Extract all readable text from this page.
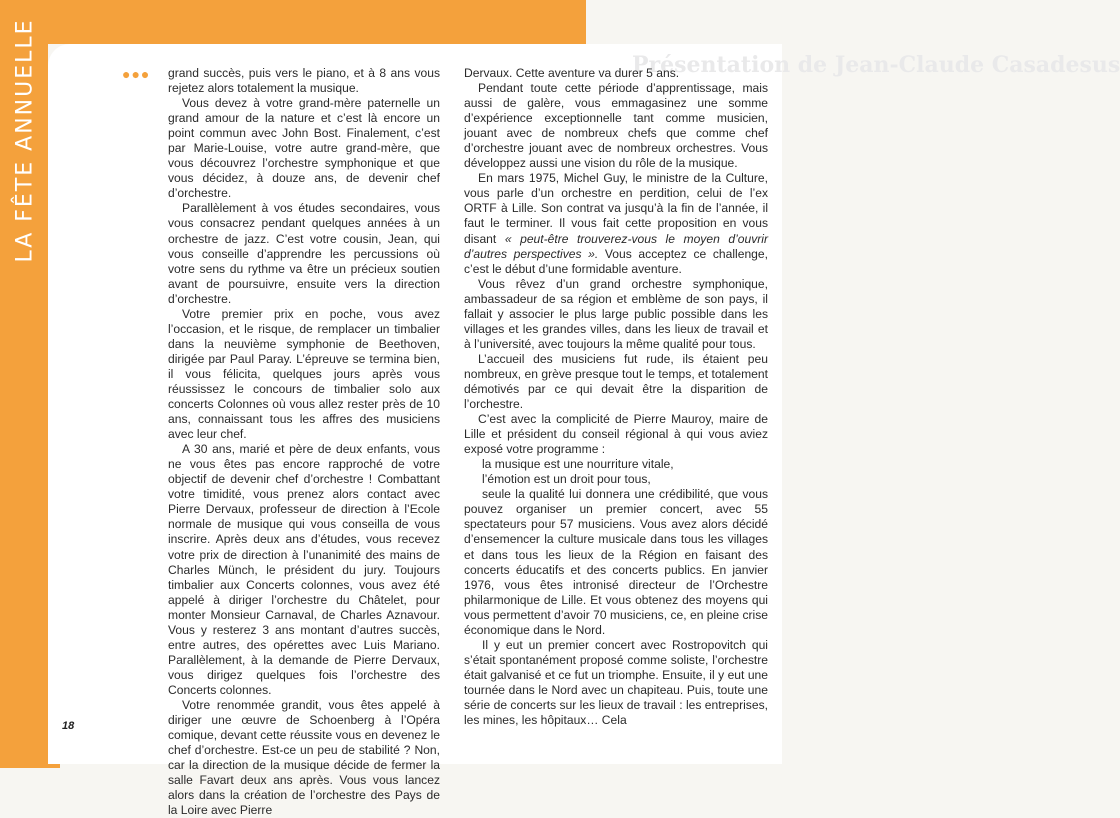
LA FÊTE ANNUELLE	Présentation de Jean-Claude Casadesus
●●● grand succès, puis vers le piano, et à 8 ans vous rejetez alors totalement la musique.

Vous devez à votre grand-mère paternelle un grand amour de la nature et c’est là encore un point commun avec John Bost. Finalement, c’est par Marie-Louise, votre autre grand-mère, que vous découvrez l’orchestre symphonique et que vous décidez, à douze ans, de devenir chef d’orchestre.

Parallèlement à vos études secondaires, vous vous consacrez pendant quelques années à un orchestre de jazz. C’est votre cousin, Jean, qui vous conseille d’apprendre les percussions où votre sens du rythme va être un précieux soutien avant de poursuivre, ensuite vers la direction d’orchestre.

Votre premier prix en poche, vous avez l’occasion, et le risque, de remplacer un timbalier dans la neuvième symphonie de Beethoven, dirigée par Paul Paray. L’épreuve se termina bien, il vous félicita, quelques jours après vous réussissez le concours de timbalier solo aux concerts Colonnes où vous allez rester près de 10 ans, connaissant tous les affres des musiciens avec leur chef.

A 30 ans, marié et père de deux enfants, vous ne vous êtes pas encore rapproché de votre objectif de devenir chef d’orchestre ! Combattant votre timidité, vous prenez alors contact avec Pierre Dervaux, professeur de direction à l’Ecole normale de musique qui vous conseilla de vous inscrire. Après deux ans d’études, vous recevez votre prix de direction à l’unanimité des mains de Charles Münch, le président du jury. Toujours timbalier aux Concerts colonnes, vous avez été appelé à diriger l’orchestre du Châtelet, pour monter Monsieur Carnaval, de Charles Aznavour. Vous y resterez 3 ans montant d’autres succès, entre autres, des opérettes avec Luis Mariano. Parallèlement, à la demande de Pierre Dervaux, vous dirigez quelques fois l’orchestre des Concerts colonnes.

Votre renommée grandit, vous êtes appelé à diriger une œuvre de Schoenberg à l’Opéra comique, devant cette réussite vous en devenez le chef d’orchestre. Est-ce un peu de stabilité ? Non, car la direction de la musique décide de fermer la salle Favart deux ans après. Vous vous lancez alors dans la création de l’orchestre des Pays de la Loire avec Pierre

Dervaux. Cette aventure va durer 5 ans.

Pendant toute cette période d’apprentissage, mais aussi de galère, vous emmagasinez une somme d’expérience exceptionnelle tant comme musicien, jouant avec de nombreux chefs que comme chef d’orchestre jouant avec de nombreux orchestres. Vous développez aussi une vision du rôle de la musique.

En mars 1975, Michel Guy, le ministre de la Culture, vous parle d’un orchestre en perdition, celui de l’ex ORTF à Lille. Son contrat va jusqu’à la fin de l’année, il faut le terminer. Il vous fait cette proposition en vous disant « peut-être trouverez-vous le moyen d’ouvrir d’autres perspectives ». Vous acceptez ce challenge, c’est le début d’une formidable aventure.

Vous rêvez d’un grand orchestre symphonique, ambassadeur de sa région et emblème de son pays, il fallait y associer le plus large public possible dans les villages et les grandes villes, dans les lieux de travail et à l’université, avec toujours la même qualité pour tous.

L’accueil des musiciens fut rude, ils étaient peu nombreux, en grève presque tout le temps, et totalement démotivés par ce qui devait être la disparition de l’orchestre.

C’est avec la complicité de Pierre Mauroy, maire de Lille et président du conseil régional à qui vous aviez exposé votre programme :

la musique est une nourriture vitale,

l’émotion est un droit pour tous,

seule la qualité lui donnera une crédibilité, que vous pouvez organiser un premier concert, avec 55 spectateurs pour 57 musiciens. Vous avez alors décidé d’ensemencer la culture musicale dans tous les villages et dans tous les lieux de la Région en faisant des concerts éducatifs et des concerts publics. En janvier 1976, vous êtes intronisé directeur de l’Orchestre philarmonique de Lille. Et vous obtenez des moyens qui vous permettent d’avoir 70 musiciens, ce, en pleine crise économique dans le Nord.

Il y eut un premier concert avec Rostropovitch qui s’était spontanément proposé comme soliste, l’orchestre était galvanisé et ce fut un triomphe. Ensuite, il y eut une tournée dans le Nord avec un chapiteau. Puis, toute une série de concerts sur les lieux de travail : les entreprises, les mines, les hôpitaux… Cela

18
